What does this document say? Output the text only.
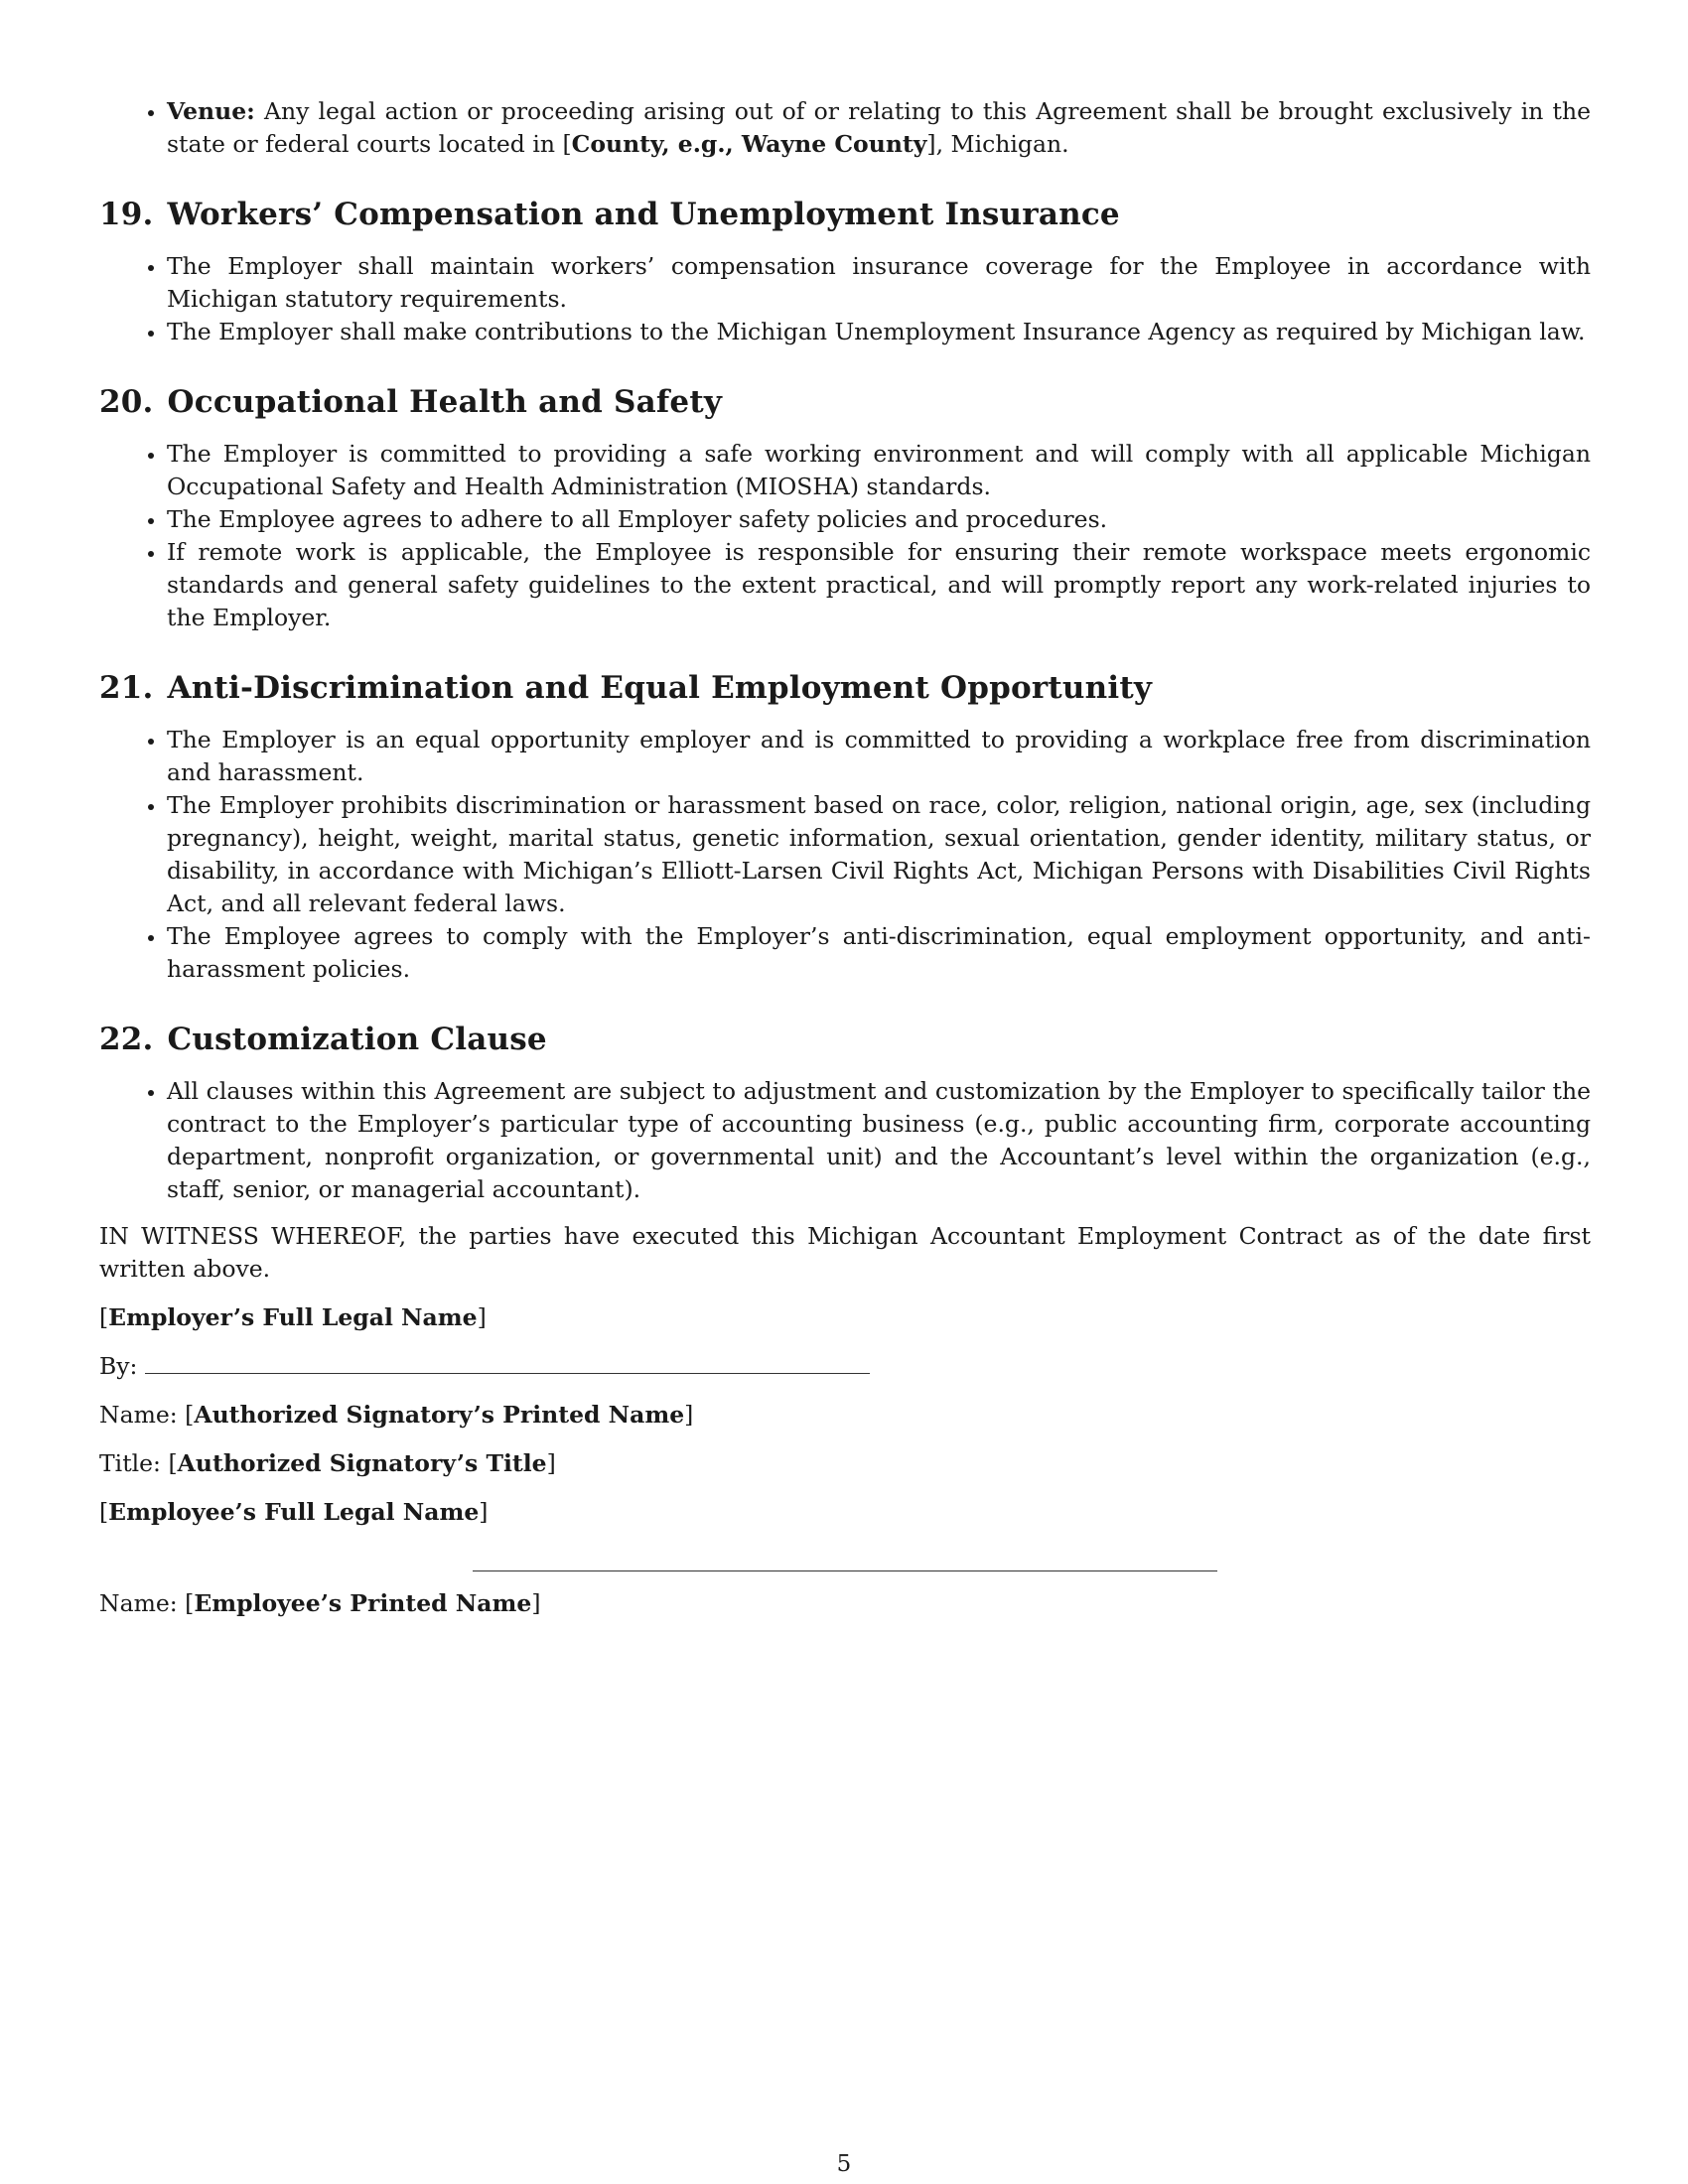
• Venue: Any legal action or proceeding arising out of or relating to this Agreement shall be brought exclusively in the state or federal courts located in [County, e.g., Wayne County], Michigan.
19. Workers’ Compensation and Unemployment Insurance
• The Employer shall maintain workers’ compensation insurance coverage for the Employee in accordance with Michigan statutory requirements.
• The Employer shall make contributions to the Michigan Unemployment Insurance Agency as required by Michigan law.
20. Occupational Health and Safety
• The Employer is committed to providing a safe working environment and will comply with all applicable Michigan Occupational Safety and Health Administration (MIOSHA) standards.
• The Employee agrees to adhere to all Employer safety policies and procedures.
• If remote work is applicable, the Employee is responsible for ensuring their remote workspace meets ergonomic standards and general safety guidelines to the extent practical, and will promptly report any work-related injuries to the Employer.
21. Anti-Discrimination and Equal Employment Opportunity
• The Employer is an equal opportunity employer and is committed to providing a workplace free from discrimination and harassment.
• The Employer prohibits discrimination or harassment based on race, color, religion, national origin, age, sex (including pregnancy), height, weight, marital status, genetic information, sexual orientation, gender identity, military status, or disability, in accordance with Michigan’s Elliott-Larsen Civil Rights Act, Michigan Persons with Disabilities Civil Rights Act, and all relevant federal laws.
• The Employee agrees to comply with the Employer’s anti-discrimination, equal employment opportunity, and anti-harassment policies.
22. Customization Clause
• All clauses within this Agreement are subject to adjustment and customization by the Employer to specifically tailor the contract to the Employer’s particular type of accounting business (e.g., public accounting firm, corporate accounting department, nonprofit organization, or governmental unit) and the Accountant’s level within the organization (e.g., staff, senior, or managerial accountant).

IN WITNESS WHEREOF, the parties have executed this Michigan Accountant Employment Contract as of the date first written above.

[Employer’s Full Legal Name]

By:

Name: [Authorized Signatory’s Printed Name]

Title: [Authorized Signatory’s Title]

[Employee’s Full Legal Name]

Name: [Employee’s Printed Name]

5
